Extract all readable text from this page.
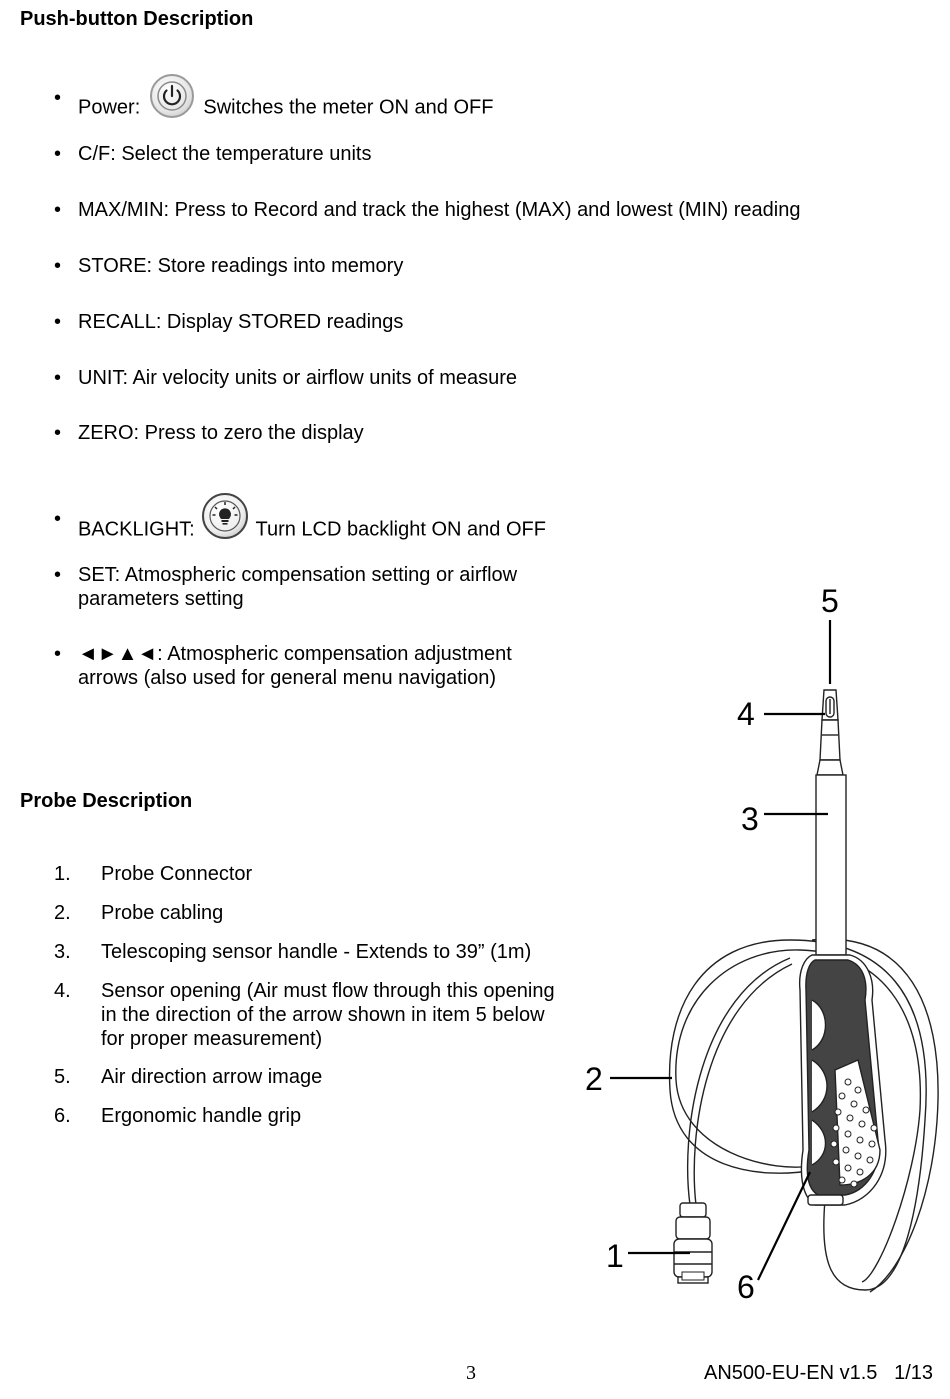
Push-button Description
• Power:	Switches the meter ON and OFF
• C/F: Select the temperature units
• MAX/MIN: Press to Record and track the highest (MAX) and lowest (MIN) reading
• STORE: Store readings into memory
• RECALL: Display STORED readings
• UNIT: Air velocity units or airflow units of measure
• ZERO: Press to zero the display
• BACKLIGHT:	Turn LCD backlight ON and OFF
• SET: Atmospheric compensation setting or airflow parameters setting
• ◄►▲◄: Atmospheric compensation adjustment arrows (also used for general menu navigation)
Probe Description
1. Probe Connector
2. Probe cabling
3. Telescoping sensor handle - Extends to 39” (1m)
4. Sensor opening (Air must flow through this opening in the direction of the arrow shown in item 5 below for proper measurement)
5. Air direction arrow image
6. Ergonomic handle grip
5
4
3
2
1
6
3	AN500-EU-EN v1.5   1/13
